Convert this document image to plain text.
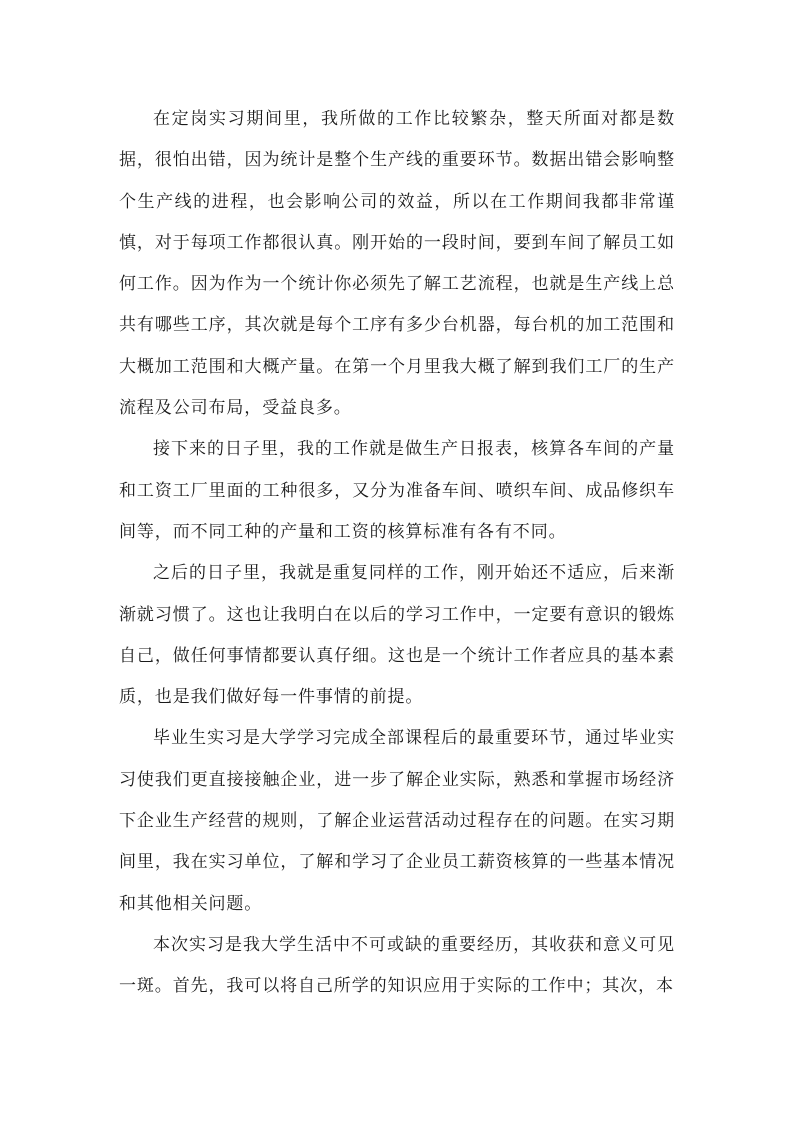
在定岗实习期间里，我所做的工作比较繁杂，整天所面对都是数据，很怕出错，因为统计是整个生产线的重要环节。数据出错会影响整个生产线的进程，也会影响公司的效益，所以在工作期间我都非常谨慎，对于每项工作都很认真。刚开始的一段时间，要到车间了解员工如何工作。因为作为一个统计你必须先了解工艺流程，也就是生产线上总共有哪些工序，其次就是每个工序有多少台机器，每台机的加工范围和大概加工范围和大概产量。在第一个月里我大概了解到我们工厂的生产流程及公司布局，受益良多。

接下来的日子里，我的工作就是做生产日报表，核算各车间的产量和工资工厂里面的工种很多，又分为准备车间、喷织车间、成品修织车间等，而不同工种的产量和工资的核算标准有各有不同。

之后的日子里，我就是重复同样的工作，刚开始还不适应，后来渐渐就习惯了。这也让我明白在以后的学习工作中，一定要有意识的锻炼自己，做任何事情都要认真仔细。这也是一个统计工作者应具的基本素质，也是我们做好每一件事情的前提。

毕业生实习是大学学习完成全部课程后的最重要环节，通过毕业实习使我们更直接接触企业，进一步了解企业实际，熟悉和掌握市场经济下企业生产经营的规则，了解企业运营活动过程存在的问题。在实习期间里，我在实习单位，了解和学习了企业员工薪资核算的一些基本情况和其他相关问题。

本次实习是我大学生活中不可或缺的重要经历，其收获和意义可见一斑。首先，我可以将自己所学的知识应用于实际的工作中；其次，本
